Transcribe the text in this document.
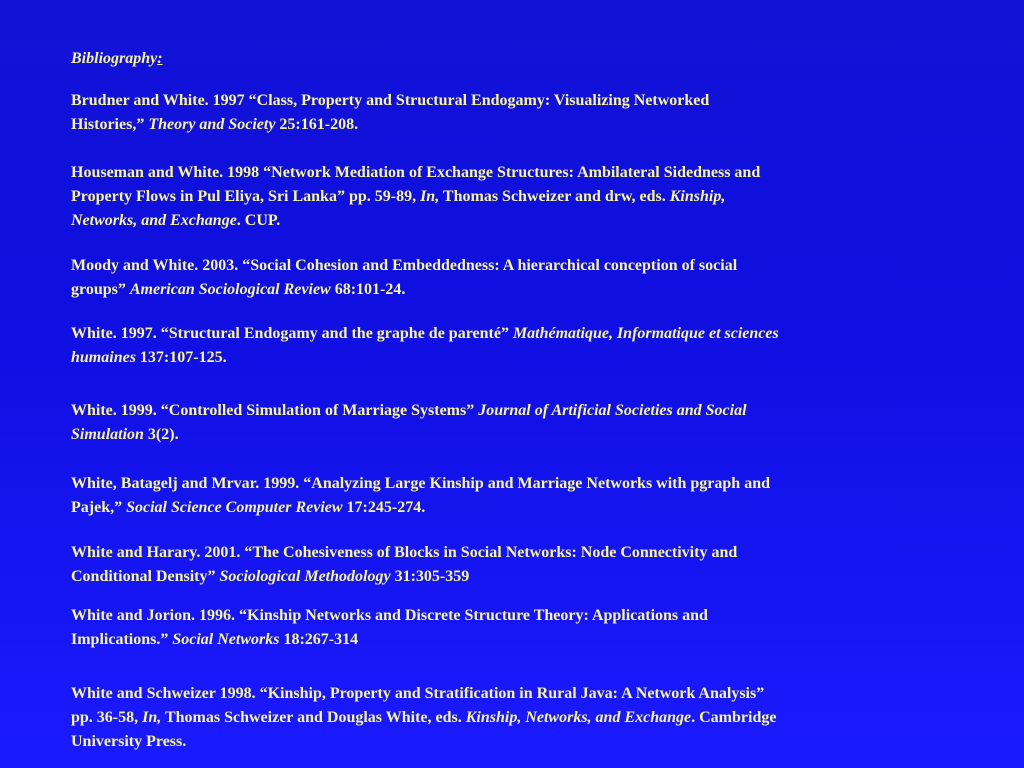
Bibliography:
Brudner and White. 1997 “Class, Property and Structural Endogamy: Visualizing Networked
Histories,” Theory and Society 25:161-208.
Houseman and White. 1998 “Network Mediation of Exchange Structures: Ambilateral Sidedness and
Property Flows in Pul Eliya, Sri Lanka” pp. 59-89, In, Thomas Schweizer and drw, eds. Kinship,
Networks, and Exchange. CUP.
Moody and White. 2003. “Social Cohesion and Embeddedness: A hierarchical conception of social
groups” American Sociological Review 68:101-24.
White. 1997. “Structural Endogamy and the graphe de parenté” Mathématique, Informatique et sciences
humaines 137:107-125.
White. 1999. “Controlled Simulation of Marriage Systems” Journal of Artificial Societies and Social
Simulation 3(2).
White, Batagelj and Mrvar. 1999. “Analyzing Large Kinship and Marriage Networks with pgraph and
Pajek,” Social Science Computer Review 17:245-274.
White and Harary. 2001. “The Cohesiveness of Blocks in Social Networks: Node Connectivity and
Conditional Density” Sociological Methodology 31:305-359
White and Jorion. 1996. “Kinship Networks and Discrete Structure Theory: Applications and
Implications.” Social Networks 18:267-314
White and Schweizer 1998. “Kinship, Property and Stratification in Rural Java: A Network Analysis”
pp. 36-58, In, Thomas Schweizer and Douglas White, eds. Kinship, Networks, and Exchange. Cambridge
University Press.
